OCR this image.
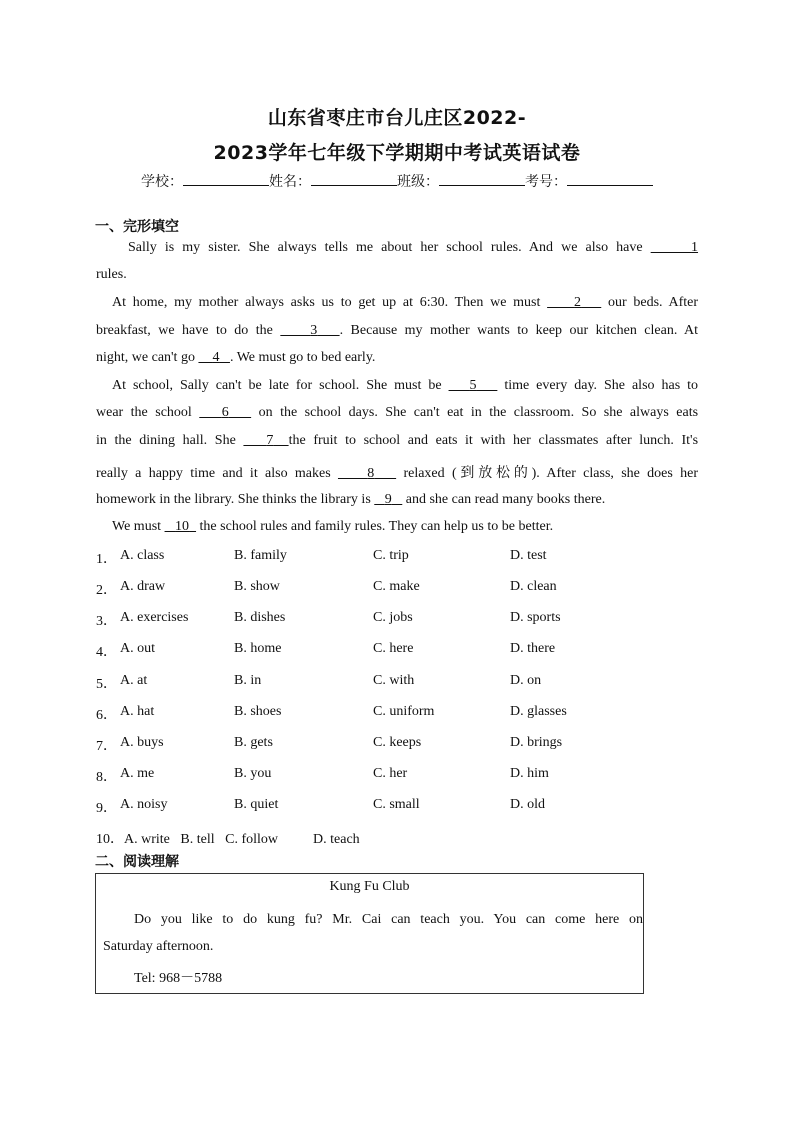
山东省枣庄市台儿庄区2022-
2023学年七年级下学期期中考试英语试卷
学校：	姓名：	班级：	考号：
一、完形填空
Sally is my sister. She always tells me about her school rules. And we also have	1
rules.
At home, my mother always asks us to get up at 6:30. Then we must 2 our beds. After
breakfast, we have to do the	3 . Because my mother wants to keep our kitchen clean. At
night, we can't go 4 . We must go to bed early.
At school, Sally can't be late for school. She must be 5 time every day. She also has to
wear the school 6 on the school days. She can't eat in the classroom. So she always eats
in the dining hall. She 7 the fruit to school and eats it with her classmates after lunch. It's
really a happy time and it also makes	8 relaxed (到放松的). After class, she does her
homework in the library. She thinks the library is 9 and she can read many books there.
We must 10 the school rules and family rules. They can help us to be better.
1． A. class	B. family	C. trip	D. test
2． A. draw	B. show	C. make	D. clean
3． A. exercises	B. dishes	C. jobs	D. sports
4． A. out	B. home	C. here	D. there
5． A. at	B. in	C. with	D. on
6． A. hat	B. shoes	C. uniform	D. glasses
7． A. buys	B. gets	C. keeps	D. brings
8． A. me	B. you	C. her	D. him
9． A. noisy	B. quiet	C. small	D. old
10．A. write B. tell C. follow	D. teach
二、阅读理解
Kung Fu Club
Do you like to do kung fu? Mr. Cai can teach you. You can come here on
Saturday afternoon.
Tel: 968－5788
